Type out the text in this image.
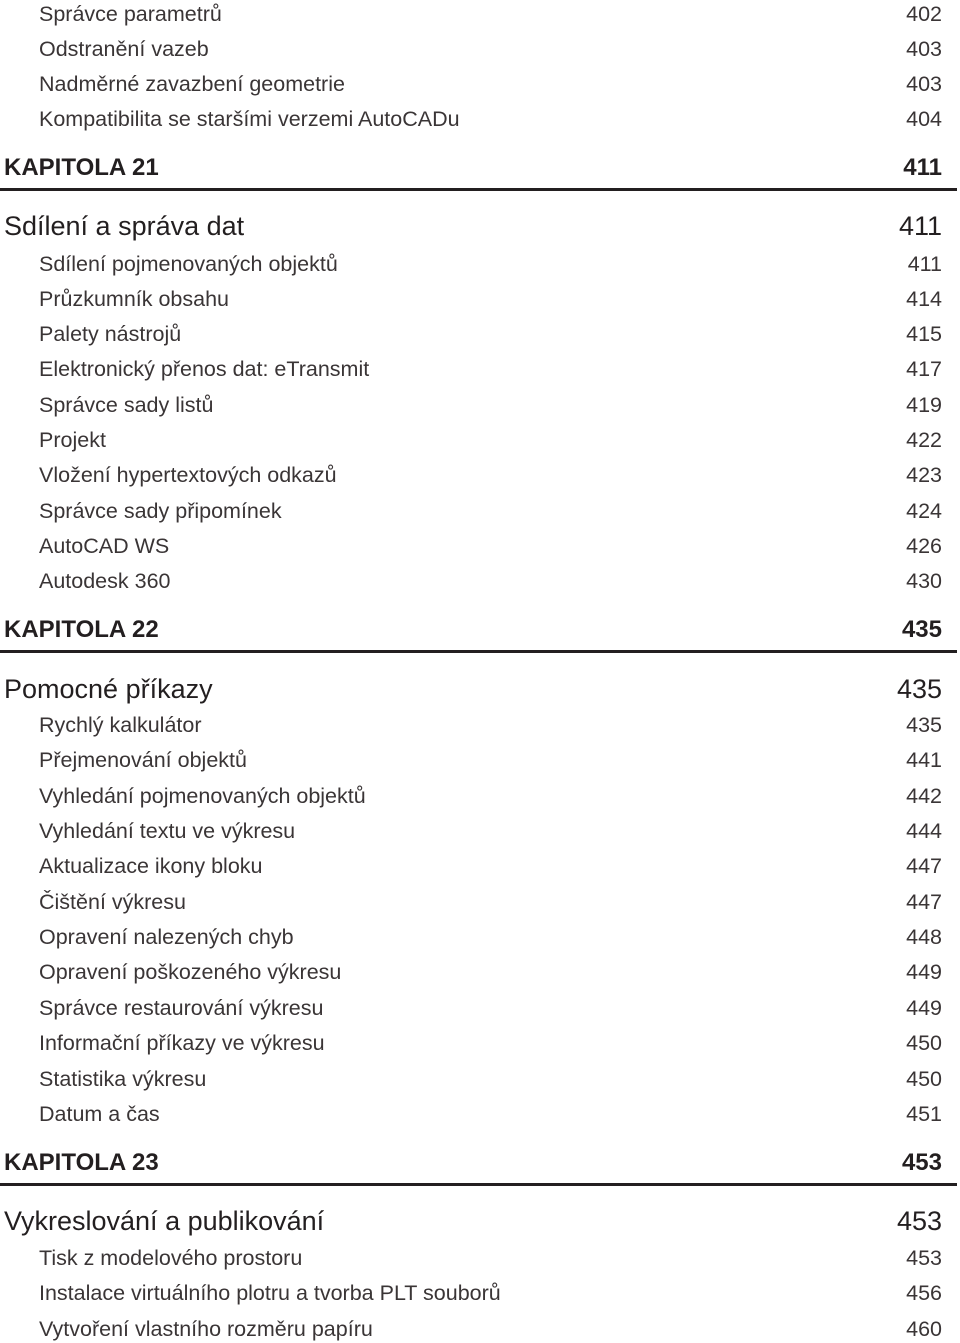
Správce parametrů	402
Odstranění vazeb	403
Nadměrné zavazbení geometrie	403
Kompatibilita se staršími verzemi AutoCADu	404
KAPITOLA 21	411
Sdílení a správa dat	411
Sdílení pojmenovaných objektů	411
Průzkumník obsahu	414
Palety nástrojů	415
Elektronický přenos dat: eTransmit	417
Správce sady listů	419
Projekt	422
Vložení hypertextových odkazů	423
Správce sady připomínek	424
AutoCAD WS	426
Autodesk 360	430
KAPITOLA 22	435
Pomocné příkazy	435
Rychlý kalkulátor	435
Přejmenování objektů	441
Vyhledání pojmenovaných objektů	442
Vyhledání textu ve výkresu	444
Aktualizace ikony bloku	447
Čištění výkresu	447
Opravení nalezených chyb	448
Opravení poškozeného výkresu	449
Správce restaurování výkresu	449
Informační příkazy ve výkresu	450
Statistika výkresu	450
Datum a čas	451
KAPITOLA 23	453
Vykreslování a publikování	453
Tisk z modelového prostoru	453
Instalace virtuálního plotru a tvorba PLT souborů	456
Vytvoření vlastního rozměru papíru	460
